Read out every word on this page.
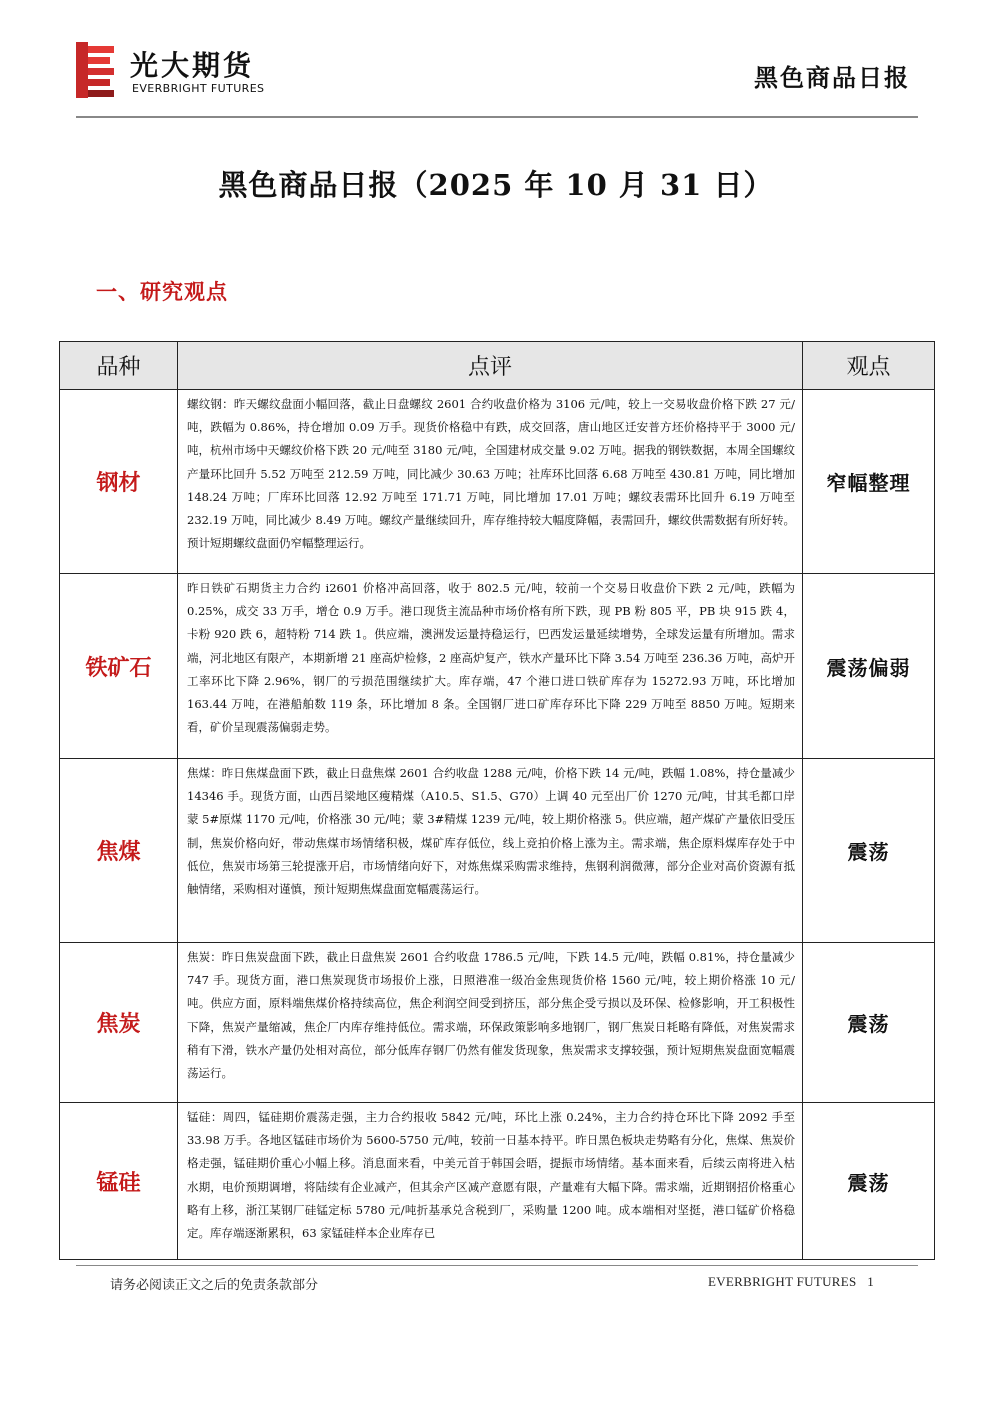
光大期货
EVERBRIGHT FUTURES	黑色商品日报
黑色商品日报（2025 年 10 月 31 日）
一、研究观点
品种	点评	观点
钢材	螺纹钢：昨天螺纹盘面小幅回落，截止日盘螺纹 2601 合约收盘价格为 3106 元/吨，较上一交易收盘价格下跌 27 元/吨，跌幅为 0.86%，持仓增加 0.09 万手。现货价格稳中有跌，成交回落，唐山地区迁安普方坯价格持平于 3000 元/吨，杭州市场中天螺纹价格下跌 20 元/吨至 3180 元/吨，全国建材成交量 9.02 万吨。据我的钢铁数据，本周全国螺纹产量环比回升 5.52 万吨至 212.59 万吨，同比减少 30.63 万吨；社库环比回落 6.68 万吨至 430.81 万吨，同比增加 148.24 万吨；厂库环比回落 12.92 万吨至 171.71 万吨，同比增加 17.01 万吨；螺纹表需环比回升 6.19 万吨至 232.19 万吨，同比减少 8.49 万吨。螺纹产量继续回升，库存维持较大幅度降幅，表需回升，螺纹供需数据有所好转。预计短期螺纹盘面仍窄幅整理运行。	窄幅整理
铁矿石	昨日铁矿石期货主力合约 i2601 价格冲高回落，收于 802.5 元/吨，较前一个交易日收盘价下跌 2 元/吨，跌幅为 0.25%，成交 33 万手，增仓 0.9 万手。港口现货主流品种市场价格有所下跌，现 PB 粉 805 平，PB 块 915 跌 4，卡粉 920 跌 6，超特粉 714 跌 1。供应端，澳洲发运量持稳运行，巴西发运量延续增势，全球发运量有所增加。需求端，河北地区有限产，本期新增 21 座高炉检修，2 座高炉复产，铁水产量环比下降 3.54 万吨至 236.36 万吨，高炉开工率环比下降 2.96%，钢厂的亏损范围继续扩大。库存端，47 个港口进口铁矿库存为 15272.93 万吨，环比增加 163.44 万吨，在港船舶数 119 条，环比增加 8 条。全国钢厂进口矿库存环比下降 229 万吨至 8850 万吨。短期来看，矿价呈现震荡偏弱走势。	震荡偏弱
焦煤	焦煤：昨日焦煤盘面下跌，截止日盘焦煤 2601 合约收盘 1288 元/吨，价格下跌 14 元/吨，跌幅 1.08%，持仓量减少 14346 手。现货方面，山西吕梁地区瘦精煤（A10.5、S1.5、G70）上调 40 元至出厂价 1270 元/吨，甘其毛都口岸蒙 5#原煤 1170 元/吨，价格涨 30 元/吨；蒙 3#精煤 1239 元/吨，较上期价格涨 5。供应端，超产煤矿产量依旧受压制，焦炭价格向好，带动焦煤市场情绪积极，煤矿库存低位，线上竞拍价格上涨为主。需求端，焦企原料煤库存处于中低位，焦炭市场第三轮提涨开启，市场情绪向好下，对炼焦煤采购需求维持，焦钢利润微薄，部分企业对高价资源有抵触情绪，采购相对谨慎，预计短期焦煤盘面宽幅震荡运行。	震荡
焦炭	焦炭：昨日焦炭盘面下跌，截止日盘焦炭 2601 合约收盘 1786.5 元/吨，下跌 14.5 元/吨，跌幅 0.81%，持仓量减少 747 手。现货方面，港口焦炭现货市场报价上涨，日照港准一级冶金焦现货价格 1560 元/吨，较上期价格涨 10 元/吨。供应方面，原料端焦煤价格持续高位，焦企利润空间受到挤压，部分焦企受亏损以及环保、检修影响，开工积极性下降，焦炭产量缩减，焦企厂内库存维持低位。需求端，环保政策影响多地钢厂，钢厂焦炭日耗略有降低，对焦炭需求稍有下滑，铁水产量仍处相对高位，部分低库存钢厂仍然有催发货现象，焦炭需求支撑较强，预计短期焦炭盘面宽幅震荡运行。	震荡
锰硅	锰硅：周四，锰硅期价震荡走强，主力合约报收 5842 元/吨，环比上涨 0.24%，主力合约持仓环比下降 2092 手至 33.98 万手。各地区锰硅市场价为 5600-5750 元/吨，较前一日基本持平。昨日黑色板块走势略有分化，焦煤、焦炭价格走强，锰硅期价重心小幅上移。消息面来看，中美元首于韩国会晤，提振市场情绪。基本面来看，后续云南将进入枯水期，电价预期调增，将陆续有企业减产，但其余产区减产意愿有限，产量难有大幅下降。需求端，近期钢招价格重心略有上移，浙江某钢厂硅锰定标 5780 元/吨折基承兑含税到厂，采购量 1200 吨。成本端相对坚挺，港口锰矿价格稳定。库存端逐渐累积，63 家锰硅样本企业库存已	震荡
请务必阅读正文之后的免责条款部分	EVERBRIGHT FUTURES 1
